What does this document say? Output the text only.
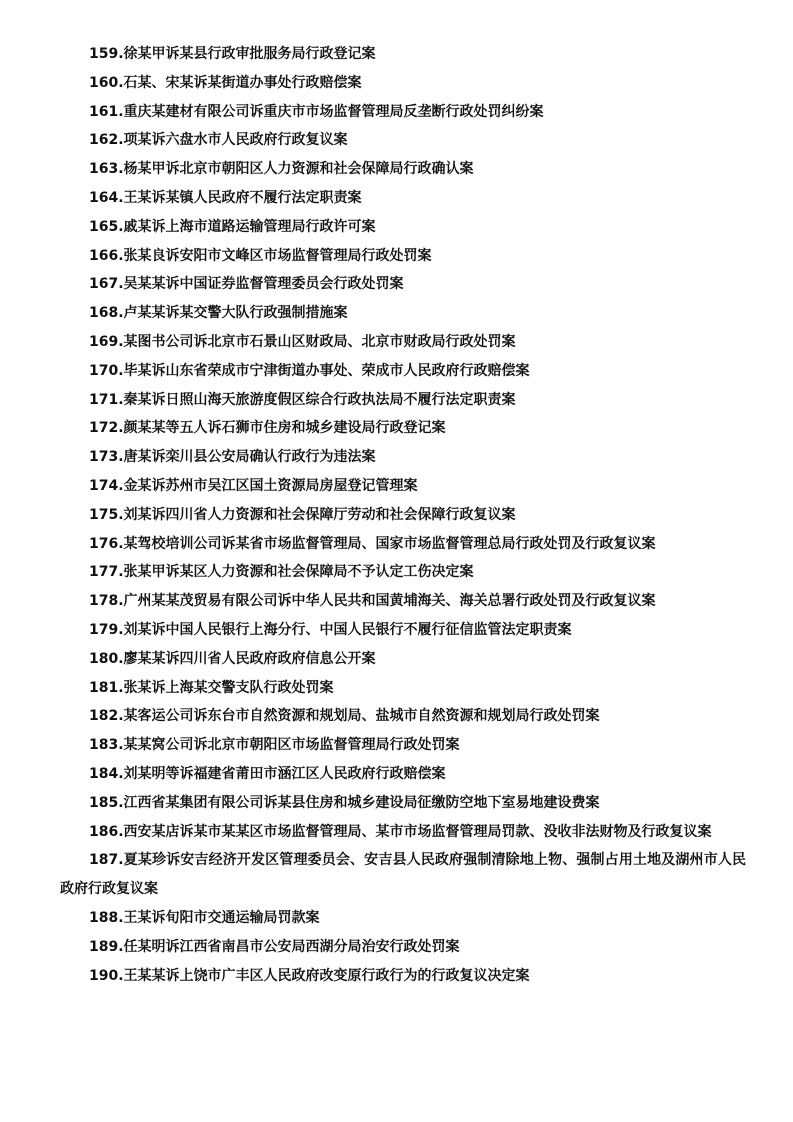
159.徐某甲诉某县行政审批服务局行政登记案

160.石某、宋某诉某街道办事处行政赔偿案

161.重庆某建材有限公司诉重庆市市场监督管理局反垄断行政处罚纠纷案

162.项某诉六盘水市人民政府行政复议案

163.杨某甲诉北京市朝阳区人力资源和社会保障局行政确认案

164.王某诉某镇人民政府不履行法定职责案

165.戚某诉上海市道路运输管理局行政许可案

166.张某良诉安阳市文峰区市场监督管理局行政处罚案

167.吴某某诉中国证券监督管理委员会行政处罚案

168.卢某某诉某交警大队行政强制措施案

169.某图书公司诉北京市石景山区财政局、北京市财政局行政处罚案

170.毕某诉山东省荣成市宁津街道办事处、荣成市人民政府行政赔偿案

171.秦某诉日照山海天旅游度假区综合行政执法局不履行法定职责案

172.颜某某等五人诉石狮市住房和城乡建设局行政登记案

173.唐某诉栾川县公安局确认行政行为违法案

174.金某诉苏州市吴江区国土资源局房屋登记管理案

175.刘某诉四川省人力资源和社会保障厅劳动和社会保障行政复议案

176.某驾校培训公司诉某省市场监督管理局、国家市场监督管理总局行政处罚及行政复议案

177.张某甲诉某区人力资源和社会保障局不予认定工伤决定案

178.广州某某茂贸易有限公司诉中华人民共和国黄埔海关、海关总署行政处罚及行政复议案

179.刘某诉中国人民银行上海分行、中国人民银行不履行征信监管法定职责案

180.廖某某诉四川省人民政府政府信息公开案

181.张某诉上海某交警支队行政处罚案

182.某客运公司诉东台市自然资源和规划局、盐城市自然资源和规划局行政处罚案

183.某某窝公司诉北京市朝阳区市场监督管理局行政处罚案

184.刘某明等诉福建省莆田市涵江区人民政府行政赔偿案

185.江西省某集团有限公司诉某县住房和城乡建设局征缴防空地下室易地建设费案

186.西安某店诉某市某某区市场监督管理局、某市市场监督管理局罚款、没收非法财物及行政复议案

187.夏某珍诉安吉经济开发区管理委员会、安吉县人民政府强制清除地上物、强制占用土地及湖州市人民政府行政复议案

188.王某诉旬阳市交通运输局罚款案

189.任某明诉江西省南昌市公安局西湖分局治安行政处罚案

190.王某某诉上饶市广丰区人民政府改变原行政行为的行政复议决定案
